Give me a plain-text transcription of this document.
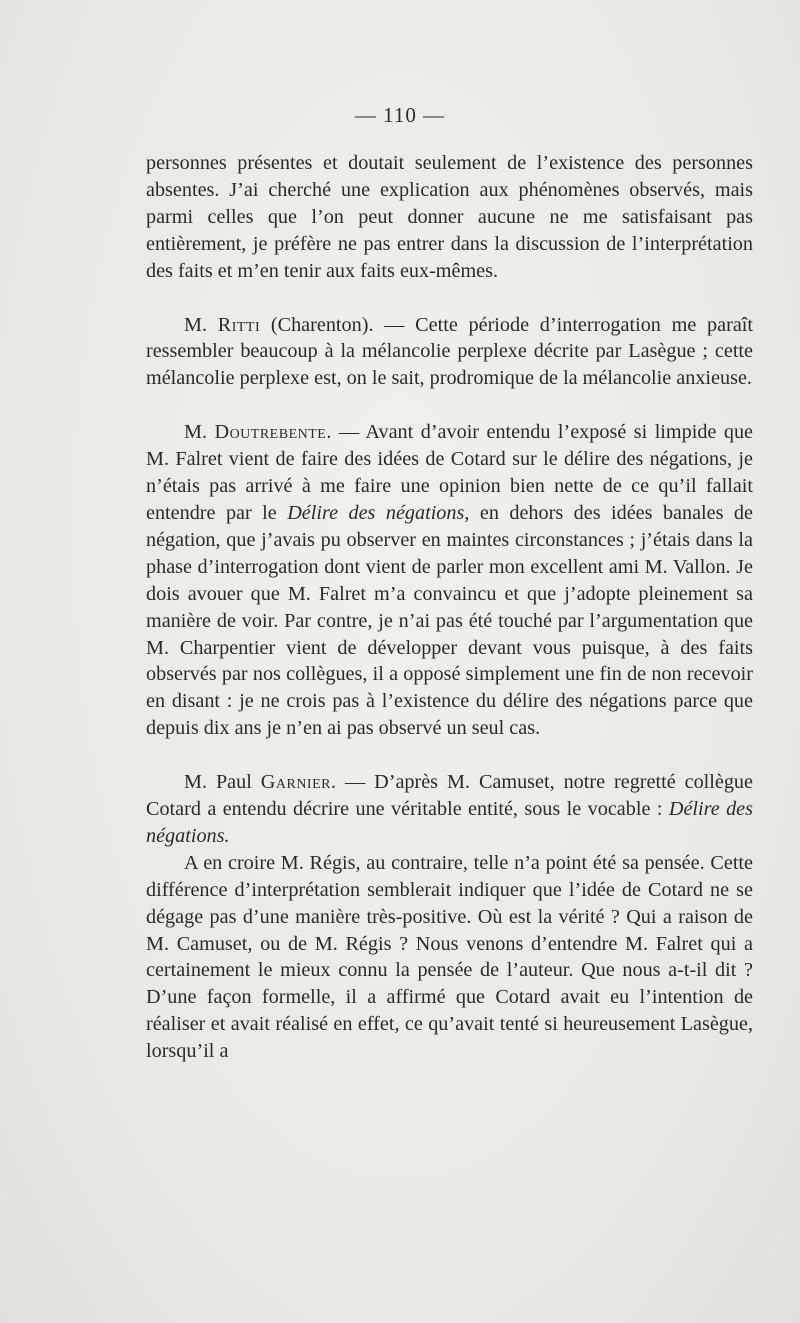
— 110 —

personnes présentes et doutait seulement de l’existence des personnes absentes. J’ai cherché une explication aux phénomènes observés, mais parmi celles que l’on peut donner aucune ne me satisfaisant pas entièrement, je préfère ne pas entrer dans la discussion de l’interprétation des faits et m’en tenir aux faits eux-mêmes.

M. Ritti (Charenton). — Cette période d’interrogation me paraît ressembler beaucoup à la mélancolie perplexe décrite par Lasègue ; cette mélancolie perplexe est, on le sait, prodromique de la mélancolie anxieuse.

M. Doutrebente. — Avant d’avoir entendu l’exposé si limpide que M. Falret vient de faire des idées de Cotard sur le délire des négations, je n’étais pas arrivé à me faire une opinion bien nette de ce qu’il fallait entendre par le Délire des négations, en dehors des idées banales de négation, que j’avais pu observer en maintes circonstances ; j’étais dans la phase d’interrogation dont vient de parler mon excellent ami M. Vallon. Je dois avouer que M. Falret m’a convaincu et que j’adopte pleinement sa manière de voir. Par contre, je n’ai pas été touché par l’argumentation que M. Charpentier vient de développer devant vous puisque, à des faits observés par nos collègues, il a opposé simplement une fin de non recevoir en disant : je ne crois pas à l’existence du délire des négations parce que depuis dix ans je n’en ai pas observé un seul cas.

M. Paul Garnier. — D’après M. Camuset, notre regretté collègue Cotard a entendu décrire une véritable entité, sous le vocable : Délire des négations.

A en croire M. Régis, au contraire, telle n’a point été sa pensée. Cette différence d’interprétation semblerait indiquer que l’idée de Cotard ne se dégage pas d’une manière très-positive. Où est la vérité ? Qui a raison de M. Camuset, ou de M. Régis ? Nous venons d’entendre M. Falret qui a certainement le mieux connu la pensée de l’auteur. Que nous a-t-il dit ? D’une façon formelle, il a affirmé que Cotard avait eu l’intention de réaliser et avait réalisé en effet, ce qu’avait tenté si heureusement Lasègue, lorsqu’il a
